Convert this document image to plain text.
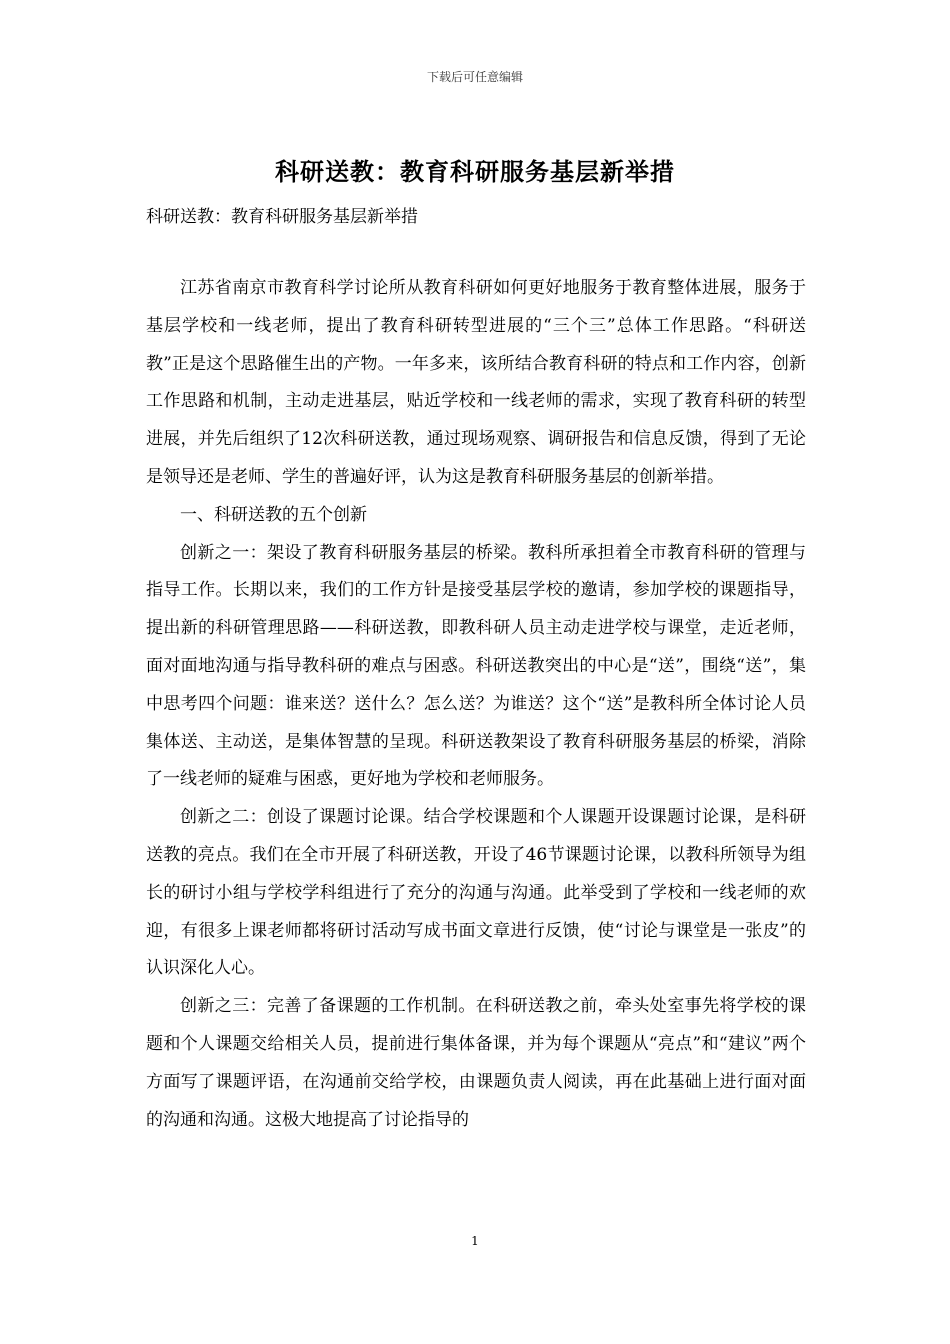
下载后可任意编辑
科研送教：教育科研服务基层新举措
科研送教：教育科研服务基层新举措

江苏省南京市教育科学讨论所从教育科研如何更好地服务于教育整体进展，服务于基层学校和一线老师，提出了教育科研转型进展的“三个三”总体工作思路。“科研送教”正是这个思路催生出的产物。一年多来，该所结合教育科研的特点和工作内容，创新工作思路和机制，主动走进基层，贴近学校和一线老师的需求，实现了教育科研的转型进展，并先后组织了12次科研送教，通过现场观察、调研报告和信息反馈，得到了无论是领导还是老师、学生的普遍好评，认为这是教育科研服务基层的创新举措。

一、科研送教的五个创新

创新之一：架设了教育科研服务基层的桥梁。教科所承担着全市教育科研的管理与指导工作。长期以来，我们的工作方针是接受基层学校的邀请，参加学校的课题指导，提出新的科研管理思路——科研送教，即教科研人员主动走进学校与课堂，走近老师，面对面地沟通与指导教科研的难点与困惑。科研送教突出的中心是“送”，围绕“送”，集中思考四个问题：谁来送？送什么？怎么送？为谁送？这个“送”是教科所全体讨论人员集体送、主动送，是集体智慧的呈现。科研送教架设了教育科研服务基层的桥梁，消除了一线老师的疑难与困惑，更好地为学校和老师服务。

创新之二：创设了课题讨论课。结合学校课题和个人课题开设课题讨论课，是科研送教的亮点。我们在全市开展了科研送教，开设了46节课题讨论课，以教科所领导为组长的研讨小组与学校学科组进行了充分的沟通与沟通。此举受到了学校和一线老师的欢迎，有很多上课老师都将研讨活动写成书面文章进行反馈，使“讨论与课堂是一张皮”的认识深化人心。

创新之三：完善了备课题的工作机制。在科研送教之前，牵头处室事先将学校的课题和个人课题交给相关人员，提前进行集体备课，并为每个课题从“亮点”和“建议”两个方面写了课题评语，在沟通前交给学校，由课题负责人阅读，再在此基础上进行面对面的沟通和沟通。这极大地提高了讨论指导的

1
